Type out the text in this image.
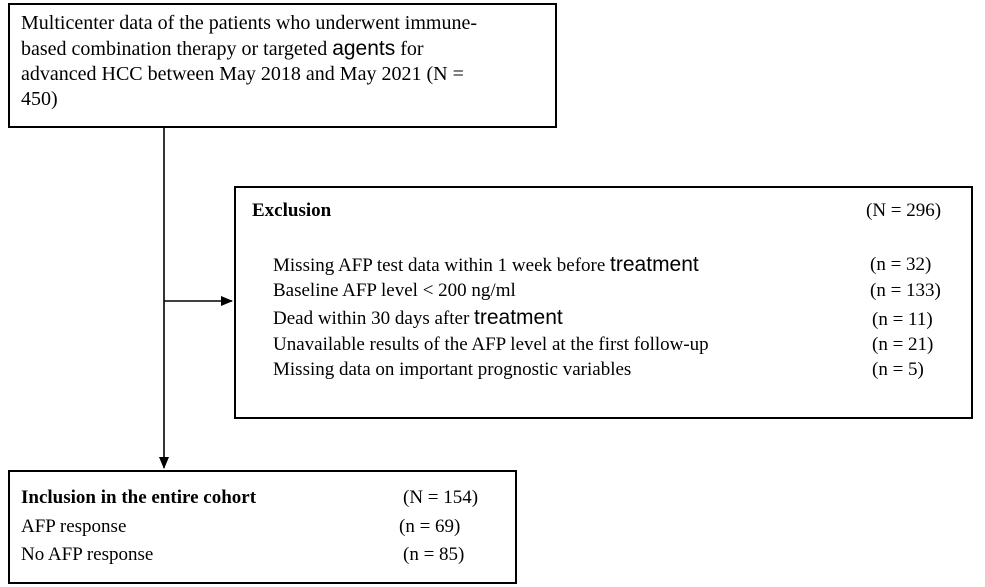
Multicenter data of the patients who underwent immune-
based combination therapy or targeted agents for
advanced HCC between May 2018 and May 2021 (N =
450)
Exclusion	(N = 296)
Missing AFP test data within 1 week before treatment	(n = 32)
Baseline AFP level < 200 ng/ml	(n = 133)
Dead within 30 days after treatment	(n = 11)
Unavailable results of the AFP level at the first follow-up	(n = 21)
Missing data on important prognostic variables	(n = 5)
Inclusion in the entire cohort	(N = 154)
AFP response	(n = 69)
No AFP response	(n = 85)
